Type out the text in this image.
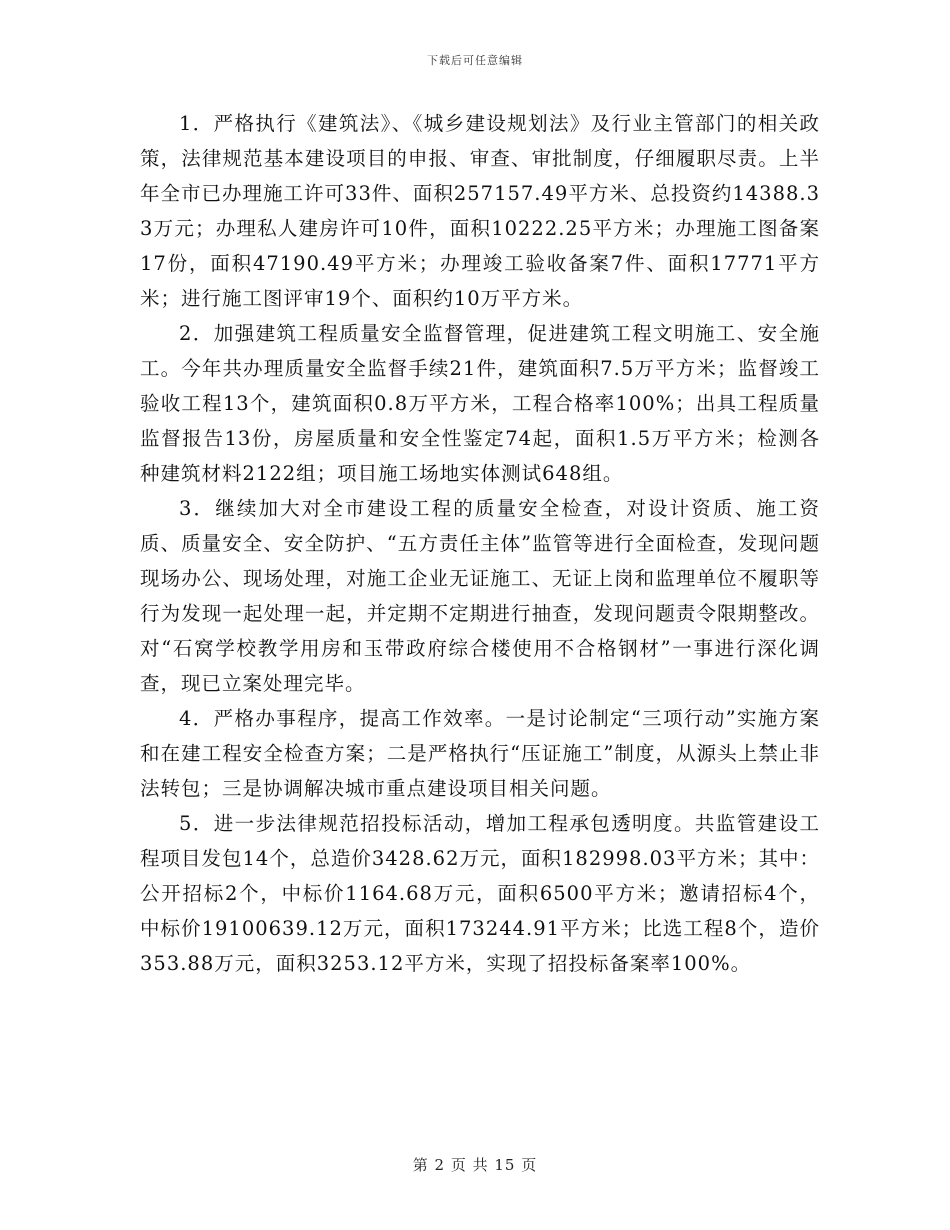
下载后可任意编辑

1．严格执行《建筑法》、《城乡建设规划法》及行业主管部门的相关政策，法律规范基本建设项目的申报、审查、审批制度，仔细履职尽责。上半年全市已办理施工许可33件、面积257157.49平方米、总投资约14388.33万元；办理私人建房许可10件，面积10222.25平方米；办理施工图备案17份，面积47190.49平方米；办理竣工验收备案7件、面积17771平方米；进行施工图评审19个、面积约10万平方米。

2．加强建筑工程质量安全监督管理，促进建筑工程文明施工、安全施工。今年共办理质量安全监督手续21件，建筑面积7.5万平方米；监督竣工验收工程13个，建筑面积0.8万平方米，工程合格率100%；出具工程质量监督报告13份，房屋质量和安全性鉴定74起，面积1.5万平方米；检测各种建筑材料2122组；项目施工场地实体测试648组。

3．继续加大对全市建设工程的质量安全检查，对设计资质、施工资质、质量安全、安全防护、“五方责任主体”监管等进行全面检查，发现问题现场办公、现场处理，对施工企业无证施工、无证上岗和监理单位不履职等行为发现一起处理一起，并定期不定期进行抽查，发现问题责令限期整改。对“石窝学校教学用房和玉带政府综合楼使用不合格钢材”一事进行深化调查，现已立案处理完毕。

4．严格办事程序，提高工作效率。一是讨论制定“三项行动”实施方案和在建工程安全检查方案；二是严格执行“压证施工”制度，从源头上禁止非法转包；三是协调解决城市重点建设项目相关问题。

5．进一步法律规范招投标活动，增加工程承包透明度。共监管建设工程项目发包14个，总造价3428.62万元，面积182998.03平方米；其中：公开招标2个，中标价1164.68万元，面积6500平方米；邀请招标4个，中标价19100639.12万元，面积173244.91平方米；比选工程8个，造价353.88万元，面积3253.12平方米，实现了招投标备案率100%。

第 2 页 共 15 页
